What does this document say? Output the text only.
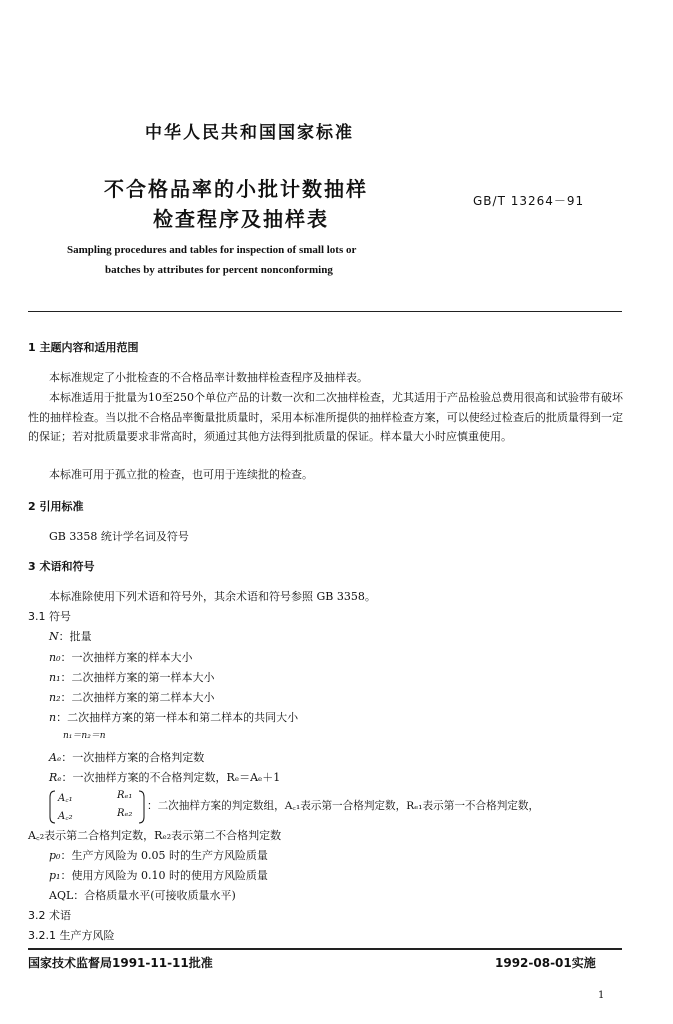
中华人民共和国国家标准
不合格品率的小批计数抽样
检查程序及抽样表
GB/T 13264－91
Sampling procedures and tables for inspection of small lots or
batches by attributes for percent nonconforming
1 主题内容和适用范围
本标准规定了小批检查的不合格品率计数抽样检查程序及抽样表。
本标准适用于批量为10至250个单位产品的计数一次和二次抽样检查，尤其适用于产品检验总费用很高和试验带有破坏性的抽样检查。当以批不合格品率衡量批质量时，采用本标准所提供的抽样检查方案，可以使经过检查后的批质量得到一定的保证；若对批质量要求非常高时，须通过其他方法得到批质量的保证。样本量大小时应慎重使用。
本标准可用于孤立批的检查，也可用于连续批的检查。
2 引用标准
GB 3358 统计学名词及符号
3 术语和符号
本标准除使用下列术语和符号外，其余术语和符号参照 GB 3358。
3.1 符号
N：批量
n₀：一次抽样方案的样本大小
n₁：二次抽样方案的第一样本大小
n₂：二次抽样方案的第二样本大小
n：二次抽样方案的第一样本和第二样本的共同大小
n₁＝n₂＝n
Aₑ：一次抽样方案的合格判定数
Rₑ：一次抽样方案的不合格判定数，Rₑ＝Aₑ＋1
A꜀₁	Rₑ₁
A꜀₂	Rₑ₂
：二次抽样方案的判定数组，A꜀₁表示第一合格判定数，Rₑ₁表示第一不合格判定数，
A꜀₂表示第二合格判定数，Rₑ₂表示第二不合格判定数
p₀：生产方风险为 0.05 时的生产方风险质量
p₁：使用方风险为 0.10 时的使用方风险质量
AQL：合格质量水平(可接收质量水平)
3.2 术语
3.2.1 生产方风险
国家技术监督局1991-11-11批准	1992-08-01实施
1
